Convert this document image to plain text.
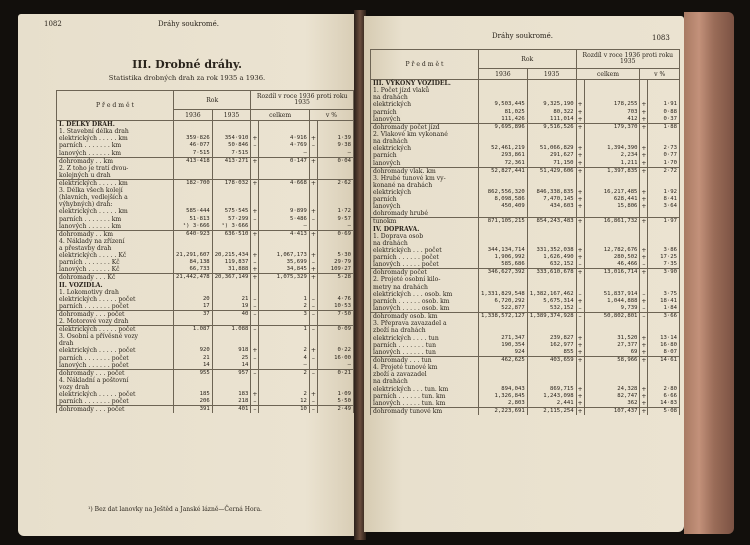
1082	Dráhy soukromé.
III. Drobné dráhy.
Statistika drobných drah za rok 1935 a 1936.
P ř e d m ě t	Rok		Rozdíl v roce 1936 proti roku 1935			
	1936	1935	celkem		v %	
I. DÉLKY DRAH.						
1. Stavební délka drah						
elektrických . . . . . km	359·826	354·910	+	4·916	+	1·39
parních . . . . . . . km	46·077	50·846	–	4·769	–	9·38
lanových . . . . . . km	7·515	7·515		–		–
dohromady . . km	413·418	413·271	+	0·147	+	0·04
2. Z toho je tratí dvou-						
kolejných u drah						
elektrických . . . . . km	182·700	178·032	+	4·668	+	2·62
3. Délka všech kolejí						
(hlavních, vedlejších a						
výhybných) drah:						
elektrických . . . . . km	585·444	575·545	+	9·899	+	1·72
parních . . . . . . . km	51·813	57·299	–	5·486	–	9·57
lanových . . . . . . km	¹) 3·666	¹) 3·666		–		–
dohromady . . km	640·923	636·510	+	4·413	+	0·69
4. Náklady na zřízení						
a přestavby drah						
elektrických . . . . . Kč	21,291,607	20,215,434	+	1,067,173	+	5·30
parních . . . . . . . Kč	84,138	119,837	–	35,699	–	29·79
lanových . . . . . . Kč	66,733	31,888	+	34,845	+	109·27
dohromady . . . Kč	21,442,478	20,367,149	+	1,075,329	+	5·28
II. VOZIDLA.						
1. Lokomotivy drah						
elektrických . . . . . počet	20	21	–	1	–	4·76
parních . . . . . . . počet	17	19	–	2	–	10·53
dohromady . . . počet	37	40	–	3	–	7·50
2. Motorové vozy drah						
elektrických . . . . . počet	1.087	1.088	–	1	–	0·09
3. Osobní a přívěsné vozy						
drah						
elektrických . . . . . počet	920	918	+	2	+	0·22
parních . . . . . . . počet	21	25	–	4	–	16·00
lanových . . . . . . počet	14	14		–		–
dohromady . . . počet	955	957	–	2	–	0·21
4. Nákladní a poštovní						
vozy drah						
elektrických . . . . . počet	185	183	+	2	+	1·09
parních . . . . . . . počet	206	218	–	12	–	5·50
dohromady . . . počet	391	401	–	10	–	2·49
¹) Bez dat lanovky na Ještěd a Janské lázně—Černá Hora.
Dráhy soukromé.	1083
P ř e d m ě t	Rok		Rozdíl v roce 1936 proti roku 1935			
	1936	1935	celkem		v %	
III. VÝKONY VOZIDEL.						
1. Počet jízd vlaků						
na drahách						
elektrických	9,503,445	9,325,190	+	178,255	+	1·91
parních	81,025	80,322	+	703	+	0·88
lanových	111,426	111,014	+	412	+	0·37
dohromady počet jízd	9,695,896	9,516,526	+	179,370	+	1·88
2. Vlakové km vykonané						
na drahách						
elektrických	52,461,219	51,066,829	+	1,394,390	+	2·73
parních	293,861	291,627	+	2,234	+	0·77
lanových	72,361	71,150	+	1,211	+	1·70
dohromady vlak. km	52,827,441	51,429,606	+	1,397,835	+	2·72
3. Hrubé tunové km vy-						
konané na drahách						
elektrických	862,556,320	846,338,835	+	16,217,485	+	1·92
parních	8,098,586	7,470,145	+	628,441	+	8·41
lanových	450,409	434,603	+	15,806	+	3·64
dohromady hrubé						
tunokm	871,105,215	854,243,483	+	16,861,732	+	1·97
IV. DOPRAVA.						
1. Doprava osob						
na drahách						
elektrických . . . počet	344,134,714	331,352,038	+	12,782,676	+	3·86
parních . . . . . . počet	1,906,992	1,626,490	+	280,502	+	17·25
lanových . . . . . počet	585,686	632,152	–	46,466	–	7·35
dohromady počet	346,627,392	333,610,678	+	13,016,714	+	3·90
2. Projeté osobní kilo-						
metry na drahách						
elektrických . . . osob. km	1,331,829,548	1,382,167,462	–	51,837,914	–	3·75
parních . . . . . . osob. km	6,720,292	5,675,314	+	1,044,888	+	18·41
lanových . . . . . osob. km	522,877	532,152	–	9,739	–	1·84
dohromady osob. km	1,338,572,127	1,389,374,928	–	50,802,801	–	3·66
3. Přeprava zavazadel a						
zboží na drahách						
elektrických . . . . tun	271,347	239,827	+	31,520	+	13·14
parních . . . . . . . tun	190,354	162,977	+	27,377	+	16·80
lanových . . . . . . tun	924	855	+	69	+	8·07
dohromady . . . tun	462,625	403,659	+	58,966	+	14·61
4. Projeté tunové km						
zboží a zavazadel						
na drahách						
elektrických . . . tun. km	894,043	869,715	+	24,328	+	2·80
parních . . . . . . tun. km	1,326,845	1,243,098	+	82,747	+	6·66
lanových . . . . . tun. km	2,803	2,441	+	362	+	14·83
dohromady tunové km	2,223,691	2,115,254	+	107,437	+	5·08
